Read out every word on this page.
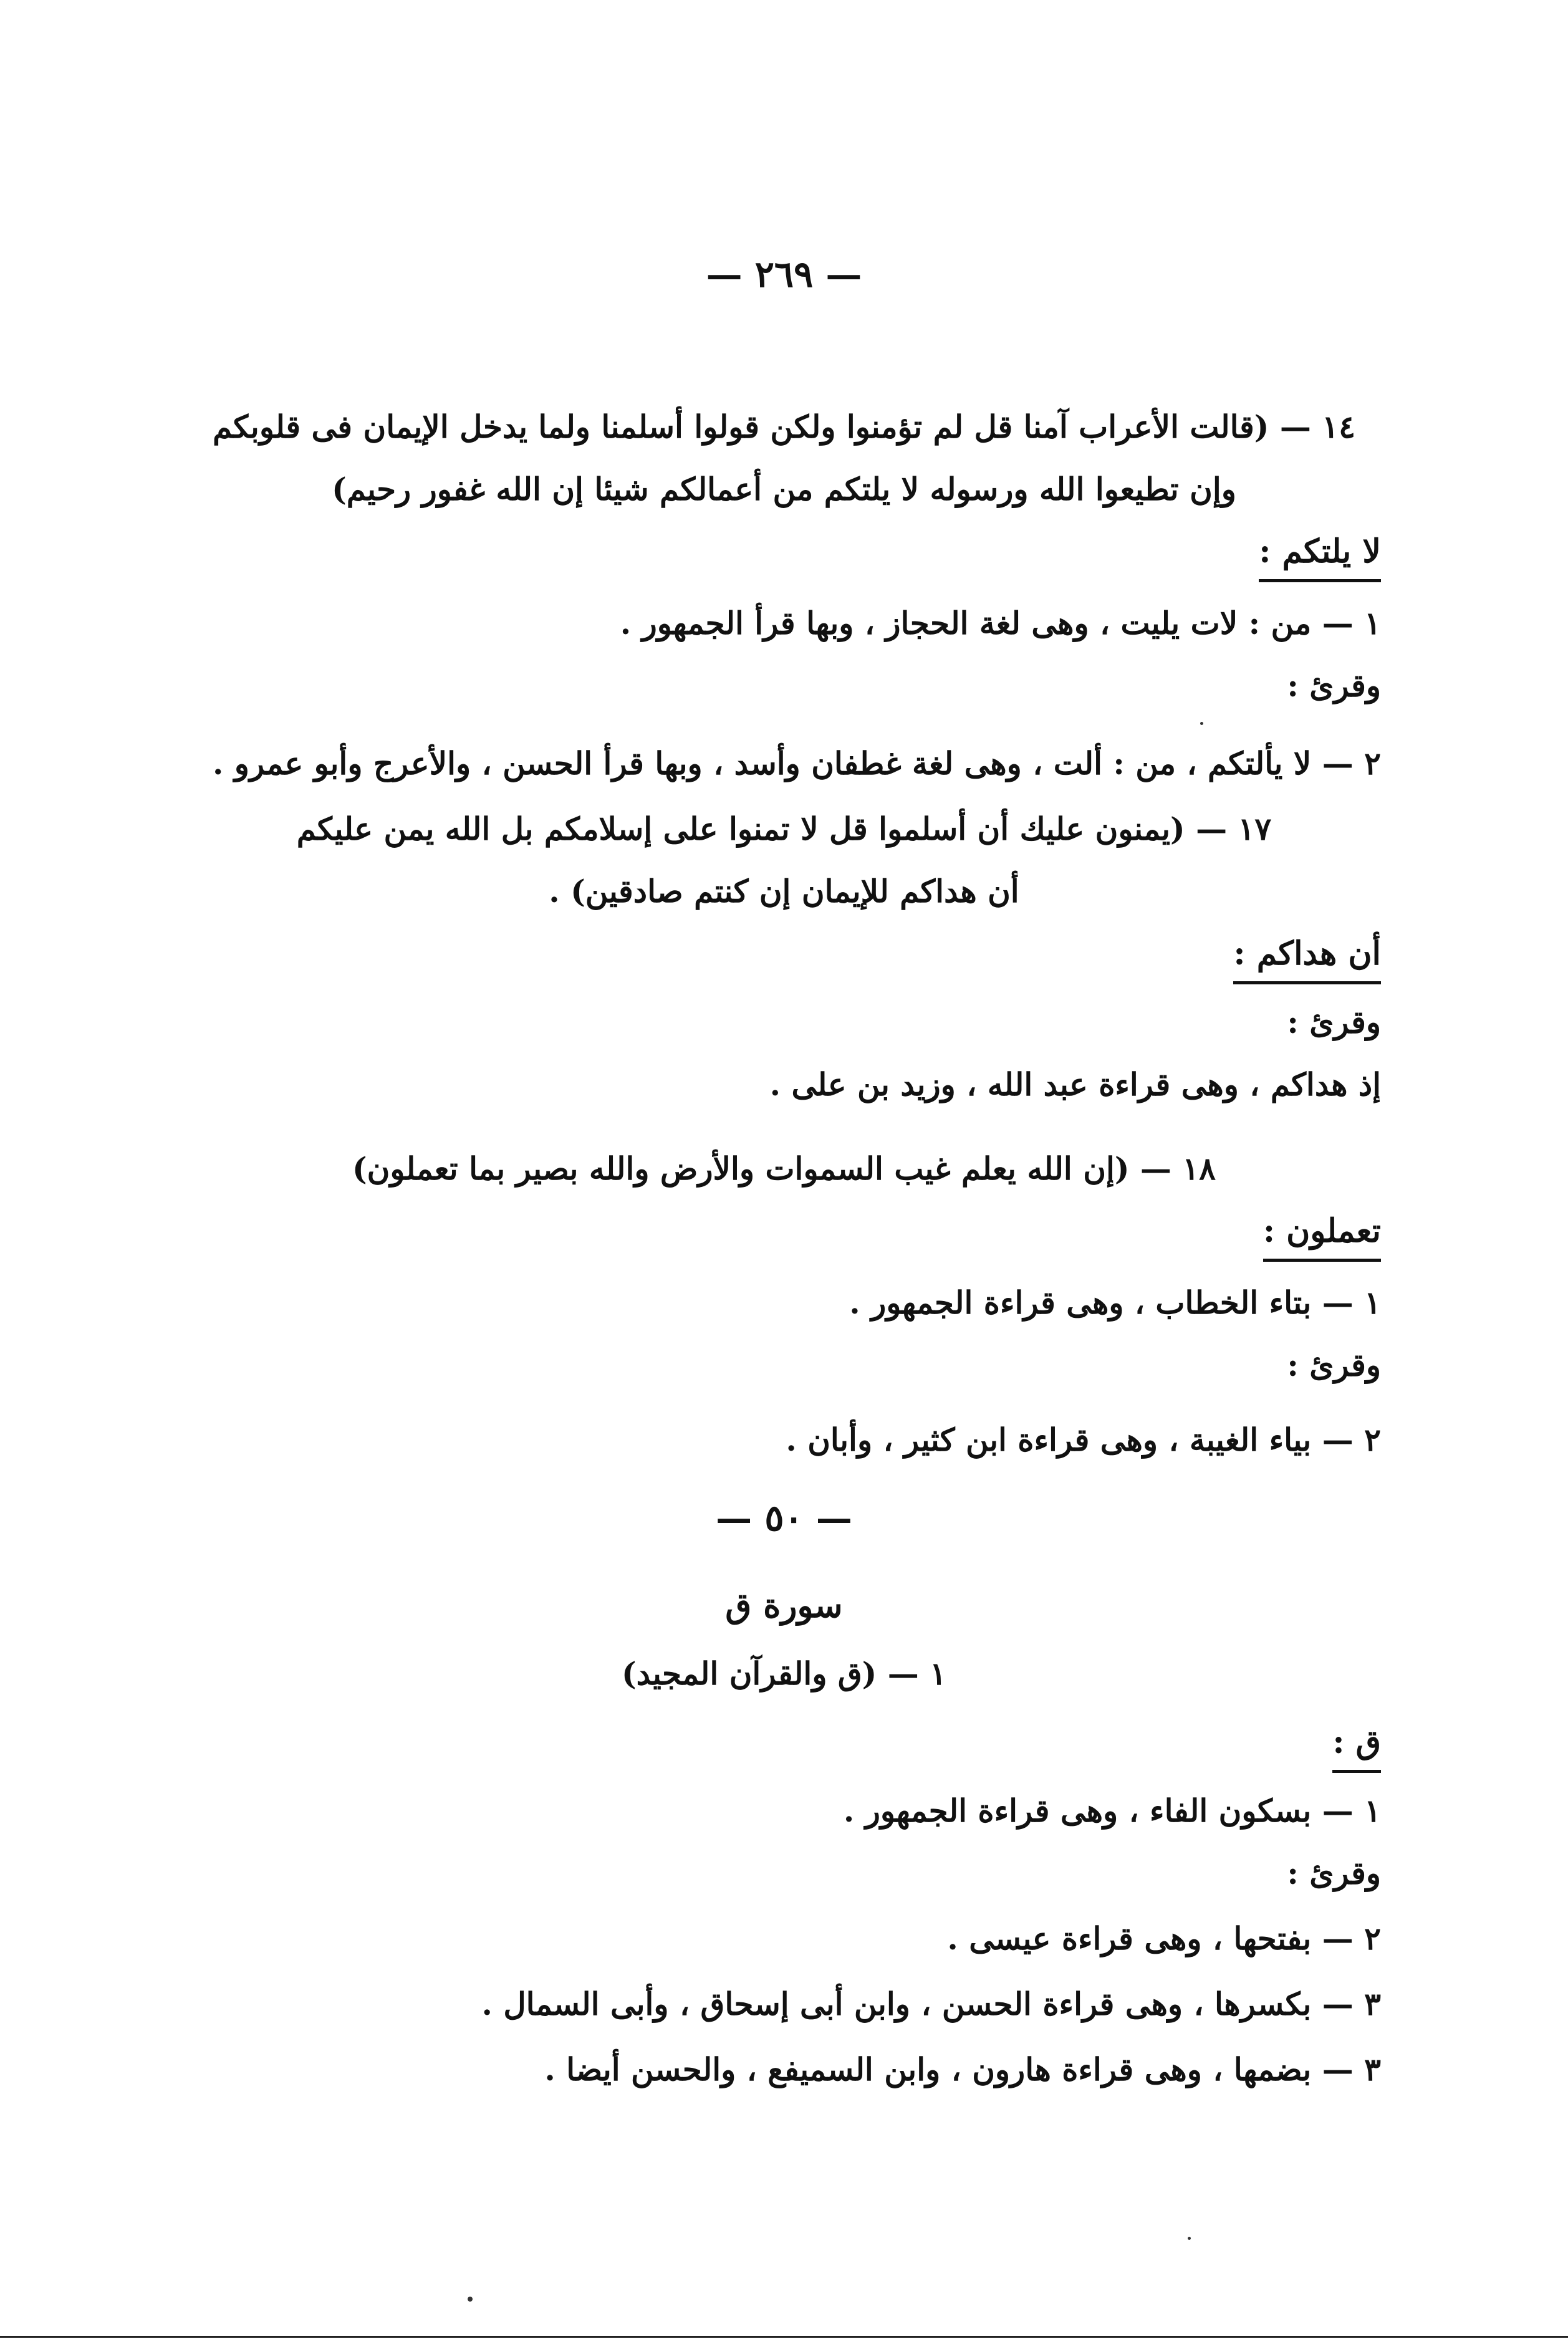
— ٢٦٩ —
١٤ — (قالت الأعراب آمنا قل لم تؤمنوا ولكن قولوا أسلمنا ولما يدخل الإيمان فى قلوبكم
وإن تطيعوا الله ورسوله لا يلتكم من أعمالكم شيئا إن الله غفور رحيم)
لا يلتكم :
١ — من : لات يليت ، وهى لغة الحجاز ، وبها قرأ الجمهور .
وقرئ :
٢ — لا يألتكم ، من : ألت ، وهى لغة غطفان وأسد ، وبها قرأ الحسن ، والأعرج وأبو عمرو .
١٧ — (يمنون عليك أن أسلموا قل لا تمنوا على إسلامكم بل الله يمن عليكم
أن هداكم للإيمان إن كنتم صادقين) .
أن هداكم :
وقرئ :
إذ هداكم ، وهى قراءة عبد الله ، وزيد بن على .
١٨ — (إن الله يعلم غيب السموات والأرض والله بصير بما تعملون)
تعملون :
١ — بتاء الخطاب ، وهى قراءة الجمهور .
وقرئ :
٢ — بياء الغيبة ، وهى قراءة ابن كثير ، وأبان .
— ٥٠ —
سورة ق
١ — (ق والقرآن المجيد)
ق :
١ — بسكون الفاء ، وهى قراءة الجمهور .
وقرئ :
٢ — بفتحها ، وهى قراءة عيسى .
٣ — بكسرها ، وهى قراءة الحسن ، وابن أبى إسحاق ، وأبى السمال .
٣ — بضمها ، وهى قراءة هارون ، وابن السميفع ، والحسن أيضا .
